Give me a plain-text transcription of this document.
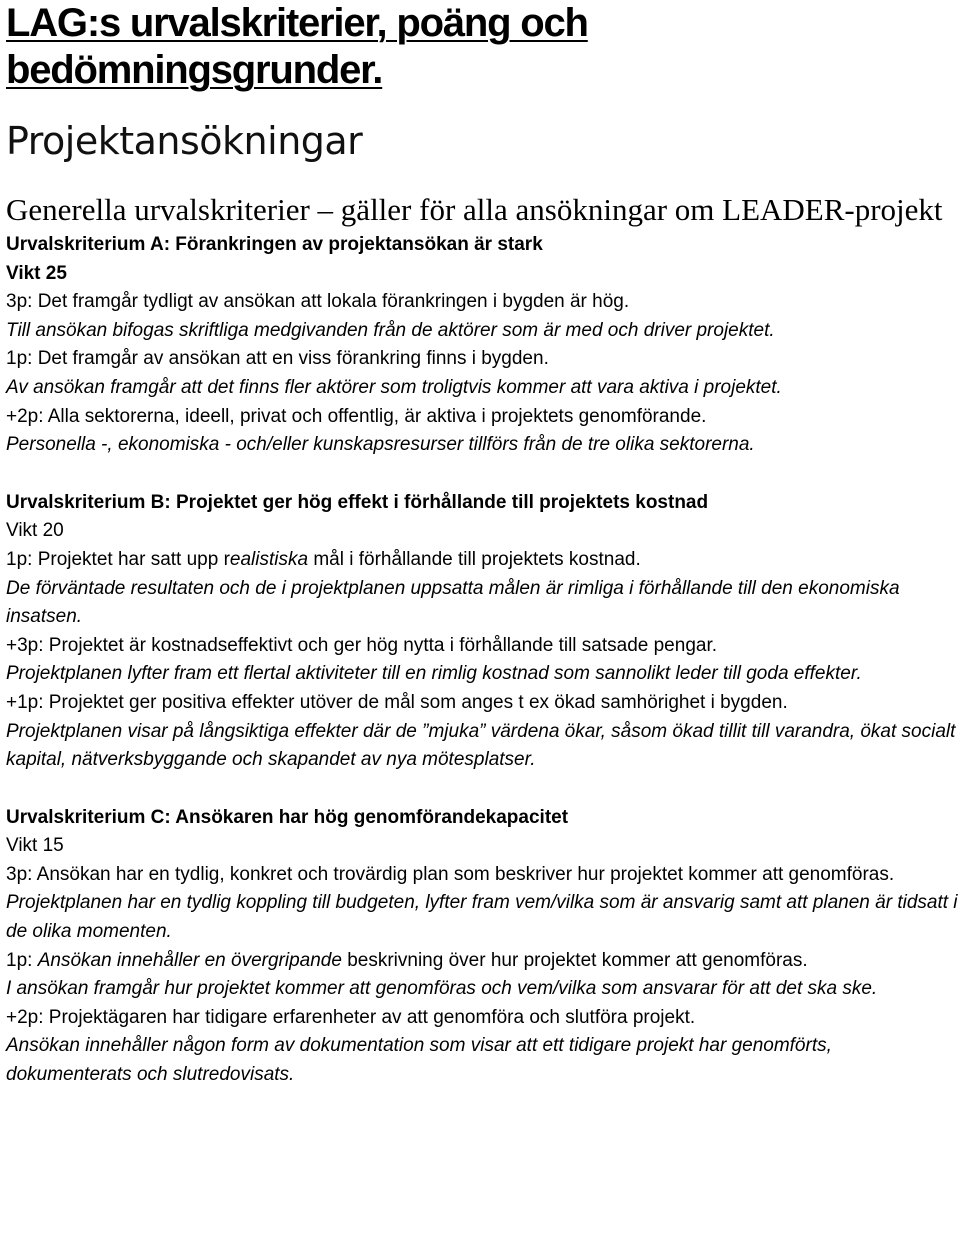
LAG:s urvalskriterier, poäng och bedömningsgrunder.
Projektansökningar
Generella urvalskriterier – gäller för alla ansökningar om LEADER-projekt
Urvalskriterium A: Förankringen av projektansökan är stark
Vikt 25
3p: Det framgår tydligt av ansökan att lokala förankringen i bygden är hög.
Till ansökan bifogas skriftliga medgivanden från de aktörer som är med och driver projektet.
1p: Det framgår av ansökan att en viss förankring finns i bygden.
Av ansökan framgår att det finns fler aktörer som troligtvis kommer att vara aktiva i projektet.
+2p: Alla sektorerna, ideell, privat och offentlig, är aktiva i projektets genomförande.
Personella -, ekonomiska - och/eller kunskapsresurser tillförs från de tre olika sektorerna.
Urvalskriterium B: Projektet ger hög effekt i förhållande till projektets kostnad
Vikt 20
1p: Projektet har satt upp realistiska mål i förhållande till projektets kostnad.
De förväntade resultaten och de i projektplanen uppsatta målen är rimliga i förhållande till den ekonomiska insatsen.
+3p: Projektet är kostnadseffektivt och ger hög nytta i förhållande till satsade pengar.
Projektplanen lyfter fram ett flertal aktiviteter till en rimlig kostnad som sannolikt leder till goda effekter.
+1p: Projektet ger positiva effekter utöver de mål som anges t ex ökad samhörighet i bygden.
Projektplanen visar på långsiktiga effekter där de ”mjuka” värdena ökar, såsom ökad tillit till varandra, ökat socialt kapital, nätverksbyggande och skapandet av nya mötesplatser.
Urvalskriterium C: Ansökaren har hög genomförandekapacitet
Vikt 15
3p: Ansökan har en tydlig, konkret och trovärdig plan som beskriver hur projektet kommer att genomföras.
Projektplanen har en tydlig koppling till budgeten, lyfter fram vem/vilka som är ansvarig samt att planen är tidsatt i de olika momenten.
1p: Ansökan innehåller en övergripande beskrivning över hur projektet kommer att genomföras.
I ansökan framgår hur projektet kommer att genomföras och vem/vilka som ansvarar för att det ska ske.
+2p: Projektägaren har tidigare erfarenheter av att genomföra och slutföra projekt.
Ansökan innehåller någon form av dokumentation som visar att ett tidigare projekt har genomförts, dokumenterats och slutredovisats.
